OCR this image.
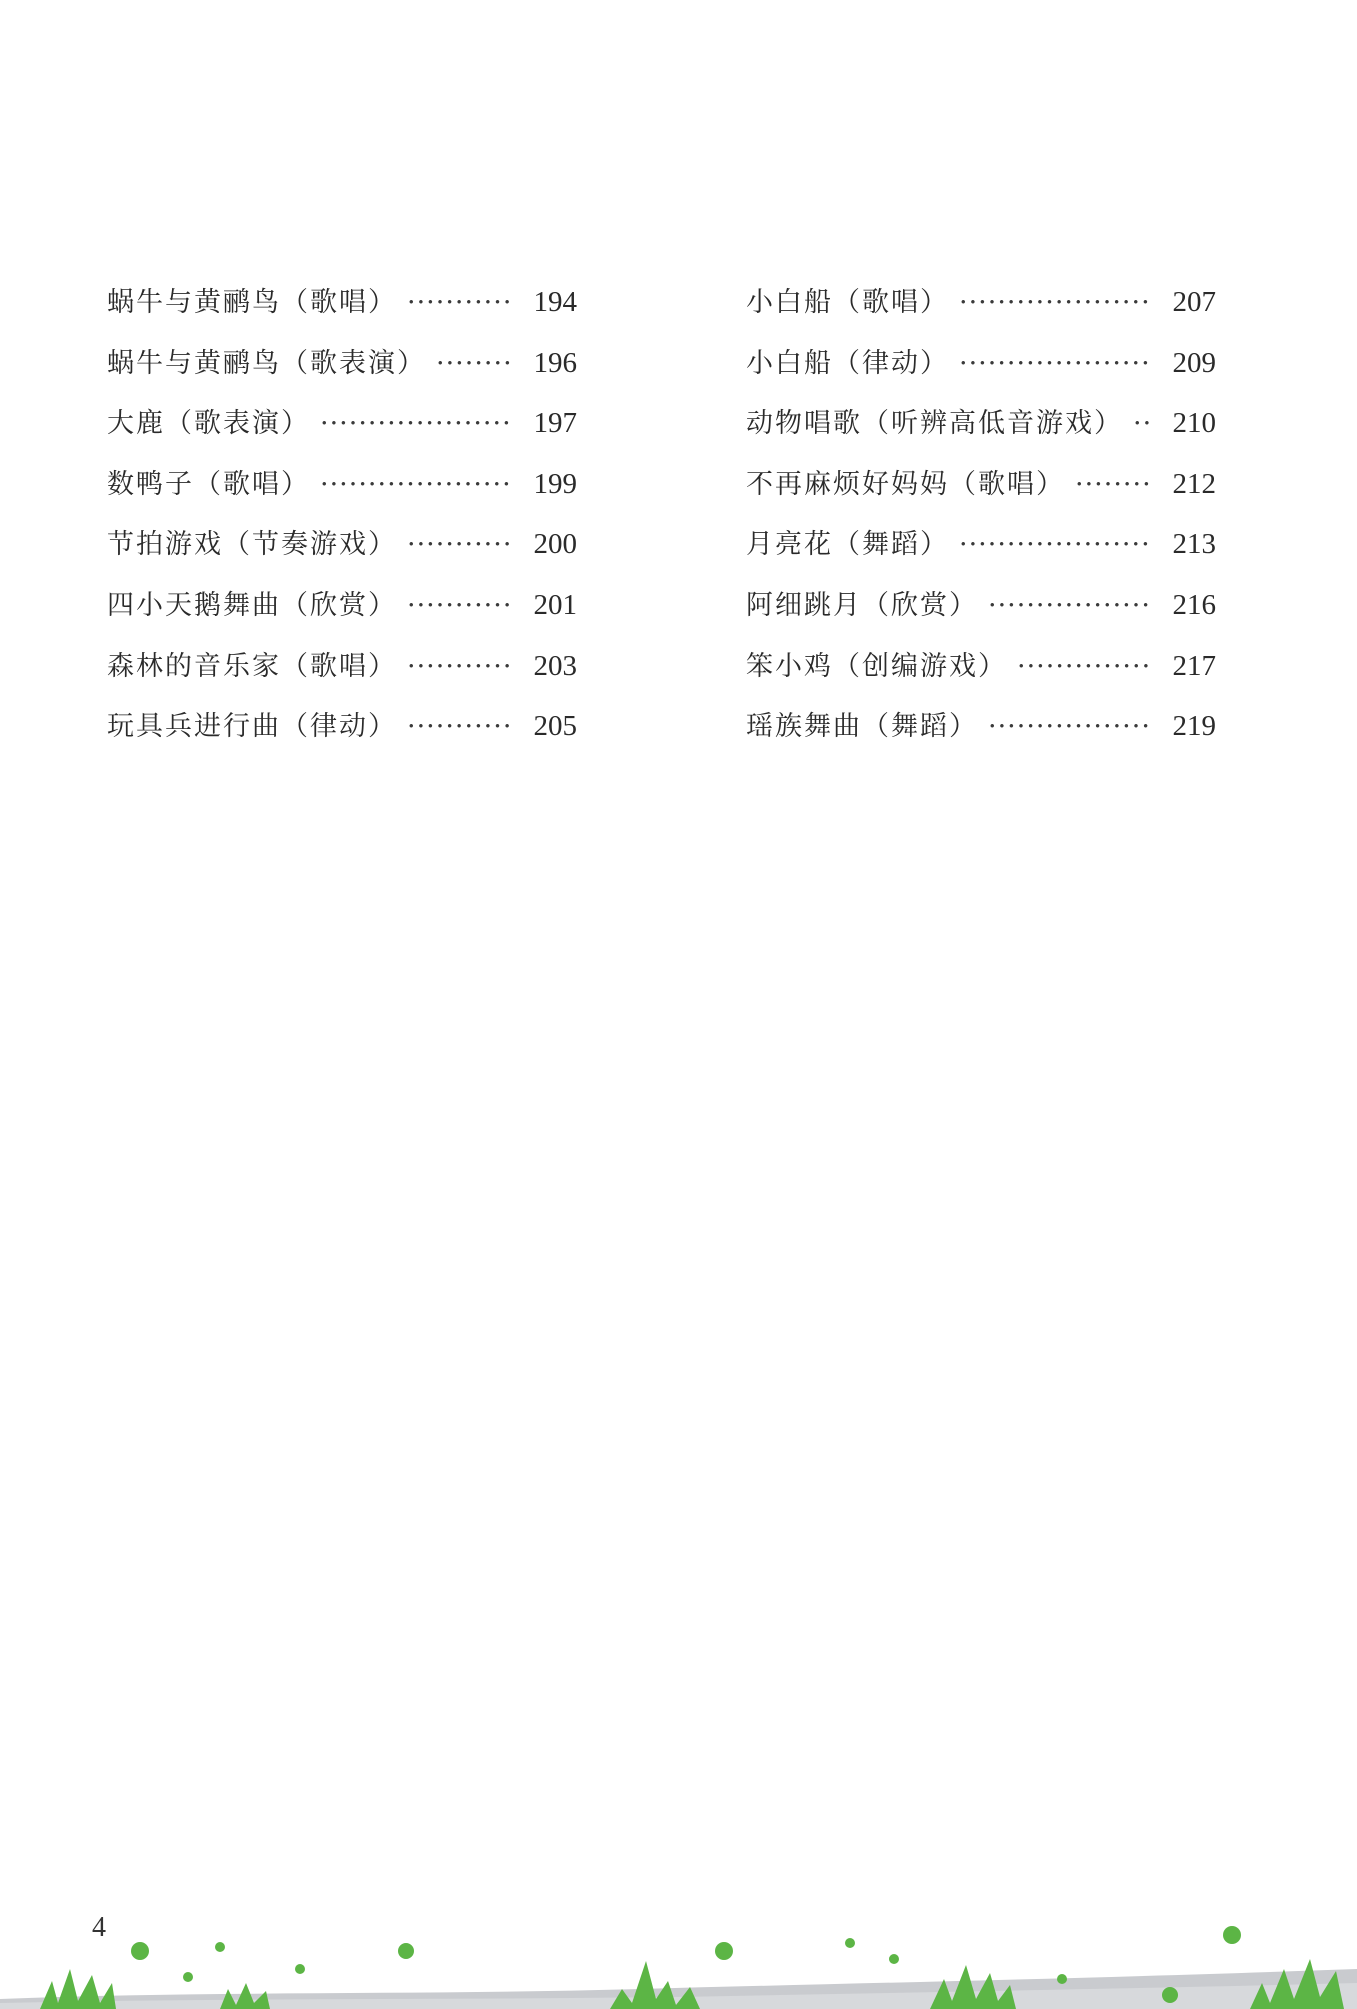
蜗牛与黄鹂鸟（歌唱） ·····	194
蜗牛与黄鹂鸟（歌表演） ·····	196
大鹿（歌表演） ·····	197
数鸭子（歌唱） ·····	199
节拍游戏（节奏游戏） ·····	200
四小天鹅舞曲（欣赏） ·····	201
森林的音乐家（歌唱） ·····	203
玩具兵进行曲（律动） ·····	205
小白船（歌唱） ·····	207
小白船（律动） ·····	209
动物唱歌（听辨高低音游戏） ·····	210
不再麻烦好妈妈（歌唱） ·····	212
月亮花（舞蹈） ·····	213
阿细跳月（欣赏） ·····	216
笨小鸡（创编游戏） ·····	217
瑶族舞曲（舞蹈） ·····	219
4
